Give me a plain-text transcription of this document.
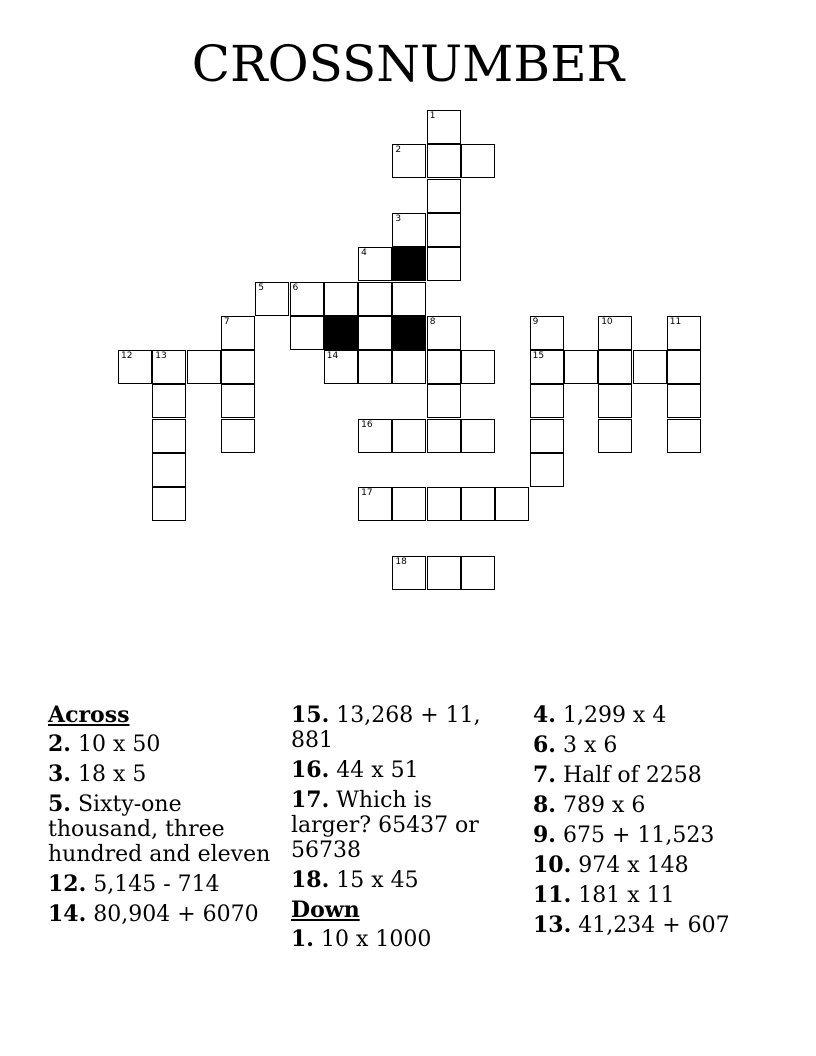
CROSSNUMBER
1
2
3
4
5	6
7	8	9	10	11
12	13	14	15
16
17
18
Across
2. 10 x 50
3. 18 x 5
5. Sixty-one thousand, three hundred and eleven
12. 5,145 - 714
14. 80,904 + 6070
15. 13,268 + 11, 881
16. 44 x 51
17. Which is larger? 65437 or 56738
18. 15 x 45
Down
1. 10 x 1000
4. 1,299 x 4
6. 3 x 6
7. Half of 2258
8. 789 x 6
9. 675 + 11,523
10. 974 x 148
11. 181 x 11
13. 41,234 + 607
